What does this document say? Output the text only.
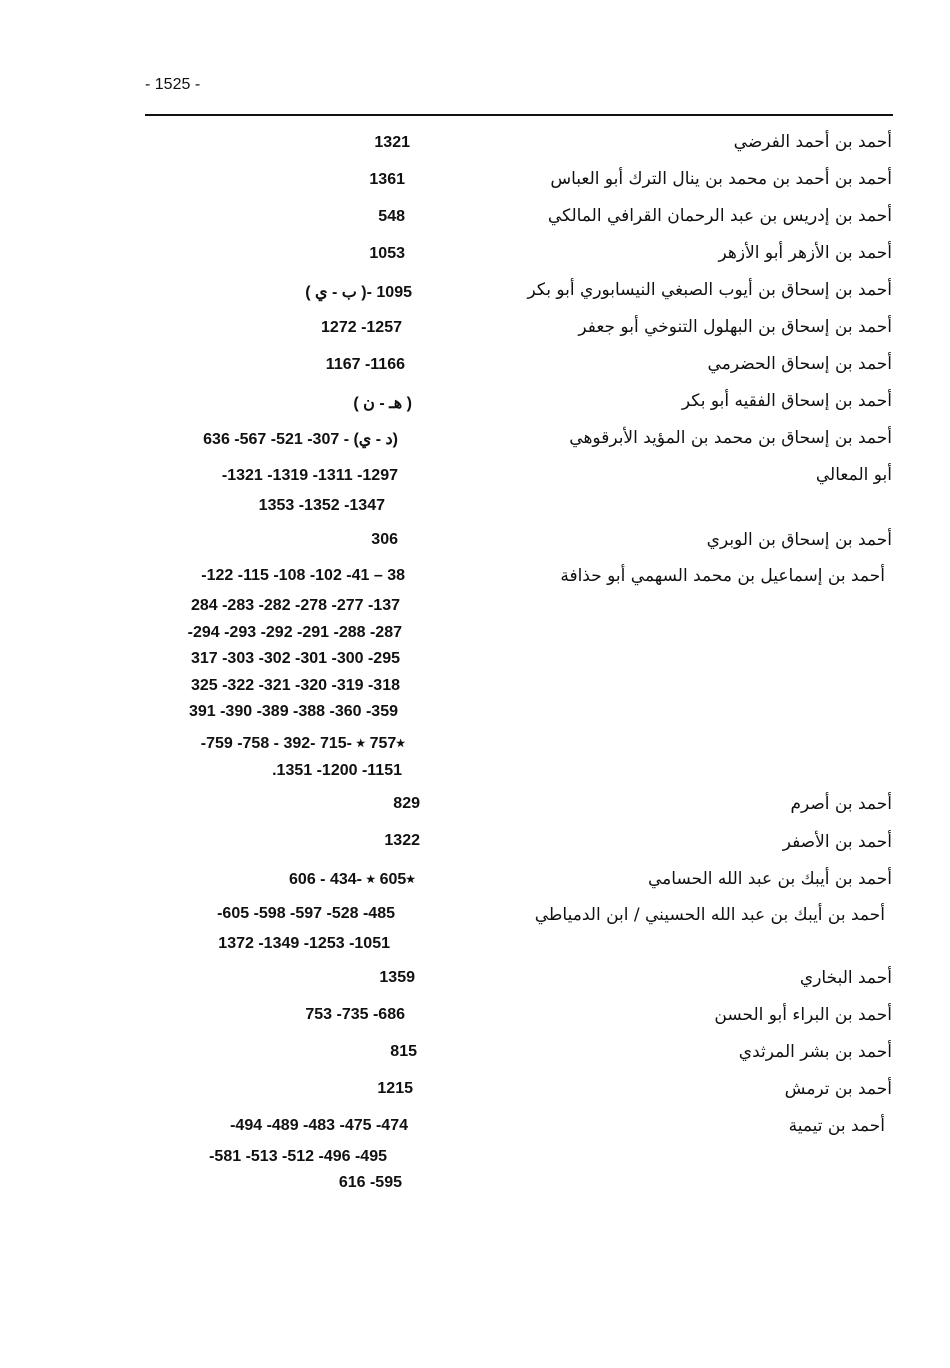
- 1525 -
أحمد بن أحمد الفرضي
1321
أحمد بن أحمد بن محمد بن ينال الترك أبو العباس
1361
أحمد بن إدريس بن عبد الرحمان القرافي المالكي
548
أحمد بن الأزهر أبو الأزهر
1053
أحمد بن إسحاق بن أيوب الصبغي النيسابوري أبو بكر
( ب - ي )- 1095
أحمد بن إسحاق بن البهلول التنوخي أبو جعفر
1272 -1257
أحمد بن إسحاق الحضرمي
1167 -1166
أحمد بن إسحاق الفقيه أبو بكر
( هـ - ن )
أحمد بن إسحاق بن محمد بن المؤيد الأبرقوهي
أبو المعالي
636 -567 -521 -307 - (د - ي)
-1321 -1319 -1311 -1297
1353 -1352 -1347
أحمد بن إسحاق بن الوبري
306
أحمد بن إسماعيل بن محمد السهمي أبو حذافة
-122 -115 -108 -102 -41 – 38
284 -283 -282 -278 -277 -137
-294 -293 -292 -291 -288 -287
317 -303 -302 -301 -300 -295
325 -322 -321 -320 -319 -318
391 -390 -389 -388 -360 -359
-759 -758 - ٭757 ٭ -715 -392
.1351 -1200 -1151
أحمد بن أصرم
829
أحمد بن الأصفر
1322
أحمد بن أيبك بن عبد الله الحسامي
606 - ٭605 ٭ -434
أحمد بن أيبك بن عبد الله الحسيني / ابن الدمياطي
-605 -598 -597 -528 -485
1372 -1349 -1253 -1051
أحمد البخاري
1359
أحمد بن البراء أبو الحسن
753 -735 -686
أحمد بن بشر المرثدي
815
أحمد بن ترمش
1215
أحمد بن تيمية
-494 -489 -483 -475 -474
-581 -513 -512 -496 -495
616 -595
